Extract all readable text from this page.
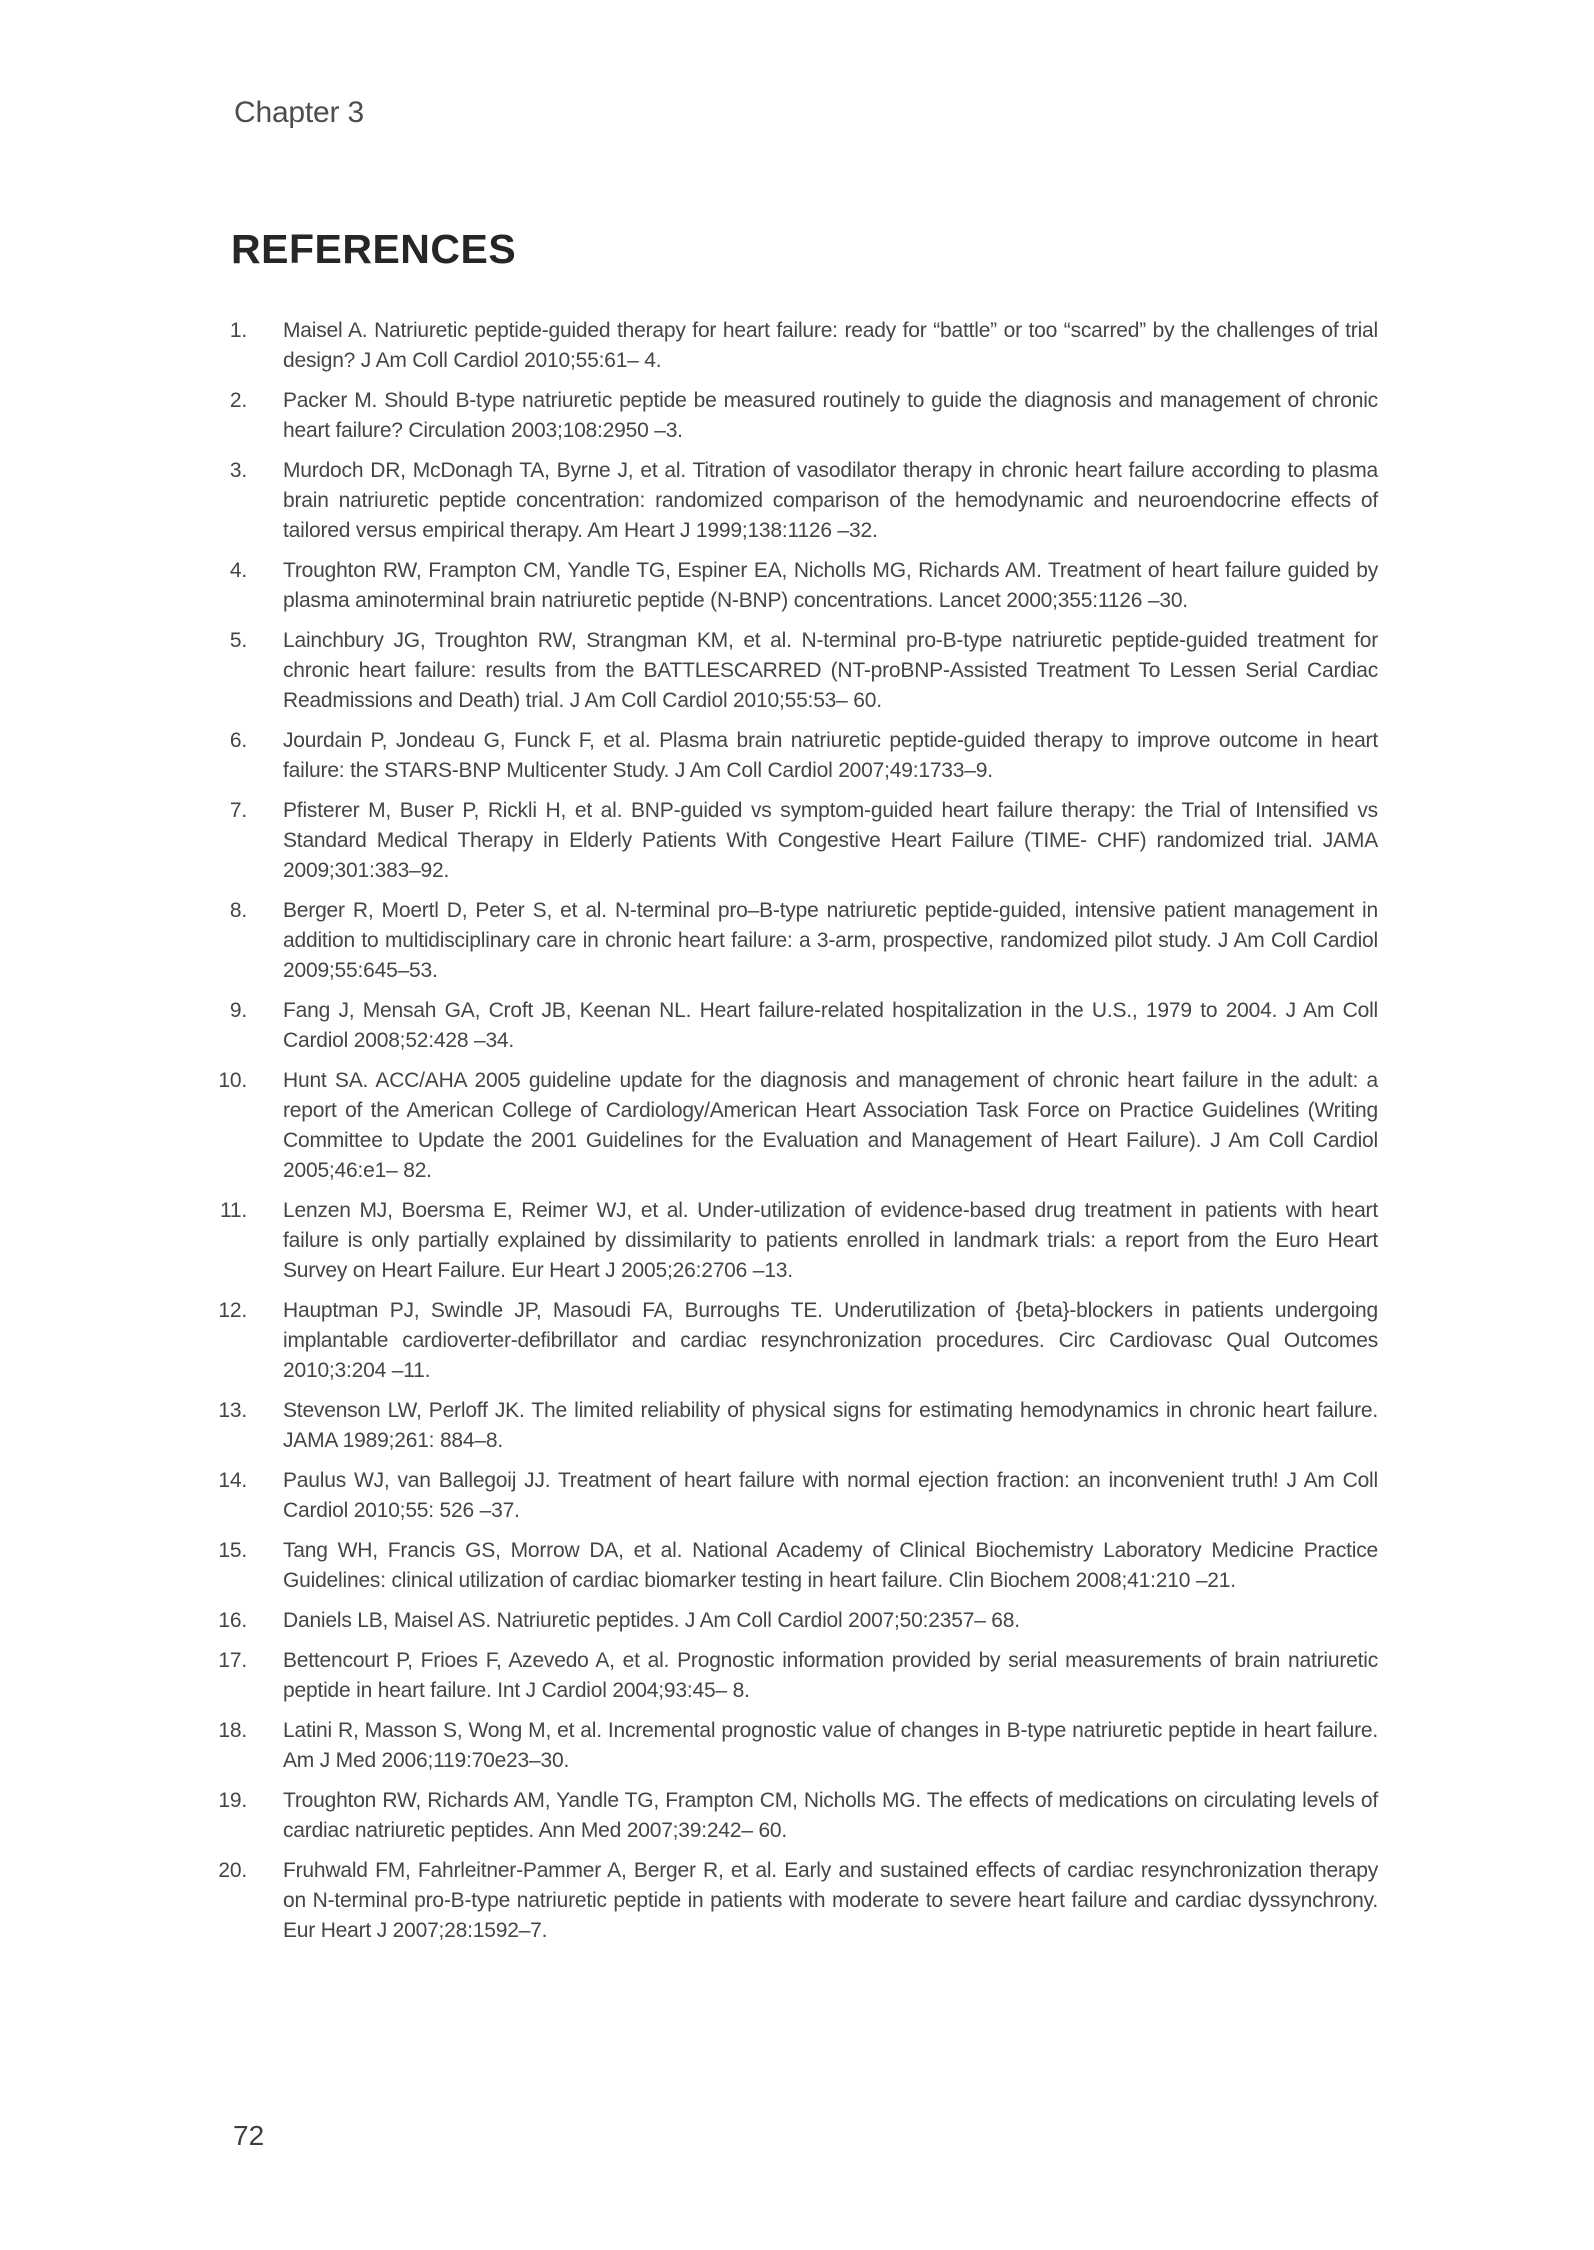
Chapter 3
REFERENCES
1. Maisel A. Natriuretic peptide-guided therapy for heart failure: ready for “battle” or too “scarred” by the challenges of trial design? J Am Coll Cardiol 2010;55:61– 4.
2. Packer M. Should B-type natriuretic peptide be measured routinely to guide the diagnosis and management of chronic heart failure? Circulation 2003;108:2950 –3.
3. Murdoch DR, McDonagh TA, Byrne J, et al. Titration of vasodilator therapy in chronic heart failure according to plasma brain natriuretic peptide concentration: randomized comparison of the hemodynamic and neuroendocrine effects of tailored versus empirical therapy. Am Heart J 1999;138:1126 –32.
4. Troughton RW, Frampton CM, Yandle TG, Espiner EA, Nicholls MG, Richards AM. Treatment of heart failure guided by plasma aminoterminal brain natriuretic peptide (N-BNP) concentrations. Lancet 2000;355:1126 –30.
5. Lainchbury JG, Troughton RW, Strangman KM, et al. N-terminal pro-B-type natriuretic peptide-guided treatment for chronic heart failure: results from the BATTLESCARRED (NT-proBNP-Assisted Treatment To Lessen Serial Cardiac Readmissions and Death) trial. J Am Coll Cardiol 2010;55:53– 60.
6. Jourdain P, Jondeau G, Funck F, et al. Plasma brain natriuretic peptide-guided therapy to improve outcome in heart failure: the STARS-BNP Multicenter Study. J Am Coll Cardiol 2007;49:1733–9.
7. Pfisterer M, Buser P, Rickli H, et al. BNP-guided vs symptom-guided heart failure therapy: the Trial of Intensified vs Standard Medical Therapy in Elderly Patients With Congestive Heart Failure (TIME- CHF) randomized trial. JAMA 2009;301:383–92.
8. Berger R, Moertl D, Peter S, et al. N-terminal pro–B-type natriuretic peptide-guided, intensive patient management in addition to multidisciplinary care in chronic heart failure: a 3-arm, prospective, randomized pilot study. J Am Coll Cardiol 2009;55:645–53.
9. Fang J, Mensah GA, Croft JB, Keenan NL. Heart failure-related hospitalization in the U.S., 1979 to 2004. J Am Coll Cardiol 2008;52:428 –34.
10. Hunt SA. ACC/AHA 2005 guideline update for the diagnosis and management of chronic heart failure in the adult: a report of the American College of Cardiology/American Heart Association Task Force on Practice Guidelines (Writing Committee to Update the 2001 Guidelines for the Evaluation and Management of Heart Failure). J Am Coll Cardiol 2005;46:e1– 82.
11. Lenzen MJ, Boersma E, Reimer WJ, et al. Under-utilization of evidence-based drug treatment in patients with heart failure is only partially explained by dissimilarity to patients enrolled in landmark trials: a report from the Euro Heart Survey on Heart Failure. Eur Heart J 2005;26:2706 –13.
12. Hauptman PJ, Swindle JP, Masoudi FA, Burroughs TE. Underutilization of {beta}-blockers in patients undergoing implantable cardioverter-defibrillator and cardiac resynchronization procedures. Circ Cardiovasc Qual Outcomes 2010;3:204 –11.
13. Stevenson LW, Perloff JK. The limited reliability of physical signs for estimating hemodynamics in chronic heart failure. JAMA 1989;261: 884–8.
14. Paulus WJ, van Ballegoij JJ. Treatment of heart failure with normal ejection fraction: an inconvenient truth! J Am Coll Cardiol 2010;55: 526 –37.
15. Tang WH, Francis GS, Morrow DA, et al. National Academy of Clinical Biochemistry Laboratory Medicine Practice Guidelines: clinical utilization of cardiac biomarker testing in heart failure. Clin Biochem 2008;41:210 –21.
16. Daniels LB, Maisel AS. Natriuretic peptides. J Am Coll Cardiol 2007;50:2357– 68.
17. Bettencourt P, Frioes F, Azevedo A, et al. Prognostic information provided by serial measurements of brain natriuretic peptide in heart failure. Int J Cardiol 2004;93:45– 8.
18. Latini R, Masson S, Wong M, et al. Incremental prognostic value of changes in B-type natriuretic peptide in heart failure. Am J Med 2006;119:70e23–30.
19. Troughton RW, Richards AM, Yandle TG, Frampton CM, Nicholls MG. The effects of medications on circulating levels of cardiac natriuretic peptides. Ann Med 2007;39:242– 60.
20. Fruhwald FM, Fahrleitner-Pammer A, Berger R, et al. Early and sustained effects of cardiac resynchronization therapy on N-terminal pro-B-type natriuretic peptide in patients with moderate to severe heart failure and cardiac dyssynchrony. Eur Heart J 2007;28:1592–7.
72
